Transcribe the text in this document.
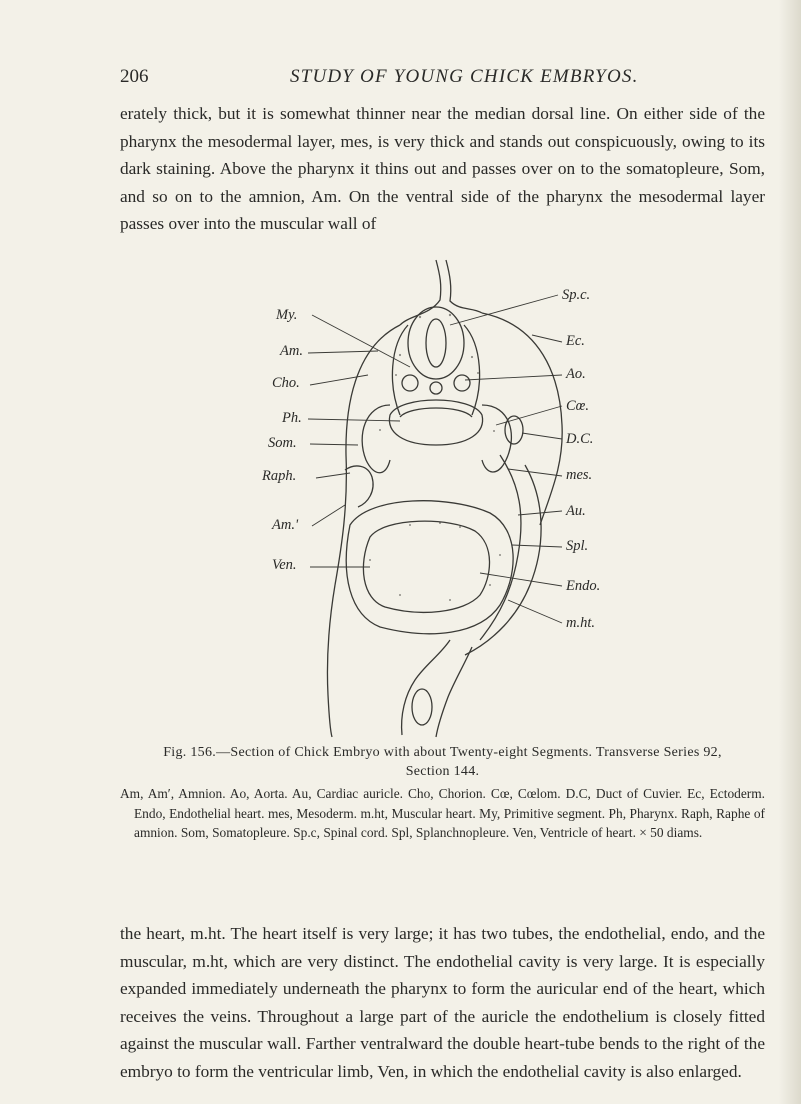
206	STUDY OF YOUNG CHICK EMBRYOS.

erately thick, but it is somewhat thinner near the median dorsal line. On either side of the pharynx the mesodermal layer, mes, is very thick and stands out conspicuously, owing to its dark staining. Above the pharynx it thins out and passes over on to the somatopleure, Som, and so on to the amnion, Am. On the ventral side of the pharynx the mesodermal layer passes over into the muscular wall of

My.
Am.
Cho.
Ph.
Som.
Raph.
Am.'
Ven.
Sp.c.
Ec.
Ao.
Cœ.
D.C.
mes.
Au.
Spl.
Endo.
m.ht.
Fig. 156.—Section of Chick Embryo with about Twenty-eight Segments. Transverse Series 92,
Section 144.
Am, Am′, Amnion. Ao, Aorta. Au, Cardiac auricle. Cho, Chorion. Cœ, Cœlom. D.C, Duct of Cuvier. Ec, Ectoderm. Endo, Endothelial heart. mes, Mesoderm. m.ht, Muscular heart. My, Primitive segment. Ph, Pharynx. Raph, Raphe of amnion. Som, Somatopleure. Sp.c, Spinal cord. Spl, Splanchnopleure. Ven, Ventricle of heart. × 50 diams.

the heart, m.ht. The heart itself is very large; it has two tubes, the endothelial, endo, and the muscular, m.ht, which are very distinct. The endothelial cavity is very large. It is especially expanded immediately underneath the pharynx to form the auricular end of the heart, which receives the veins. Throughout a large part of the auricle the endothelium is closely fitted against the muscular wall. Farther ventralward the double heart-tube bends to the right of the embryo to form the ventricular limb, Ven, in which the endothelial cavity is also enlarged.
